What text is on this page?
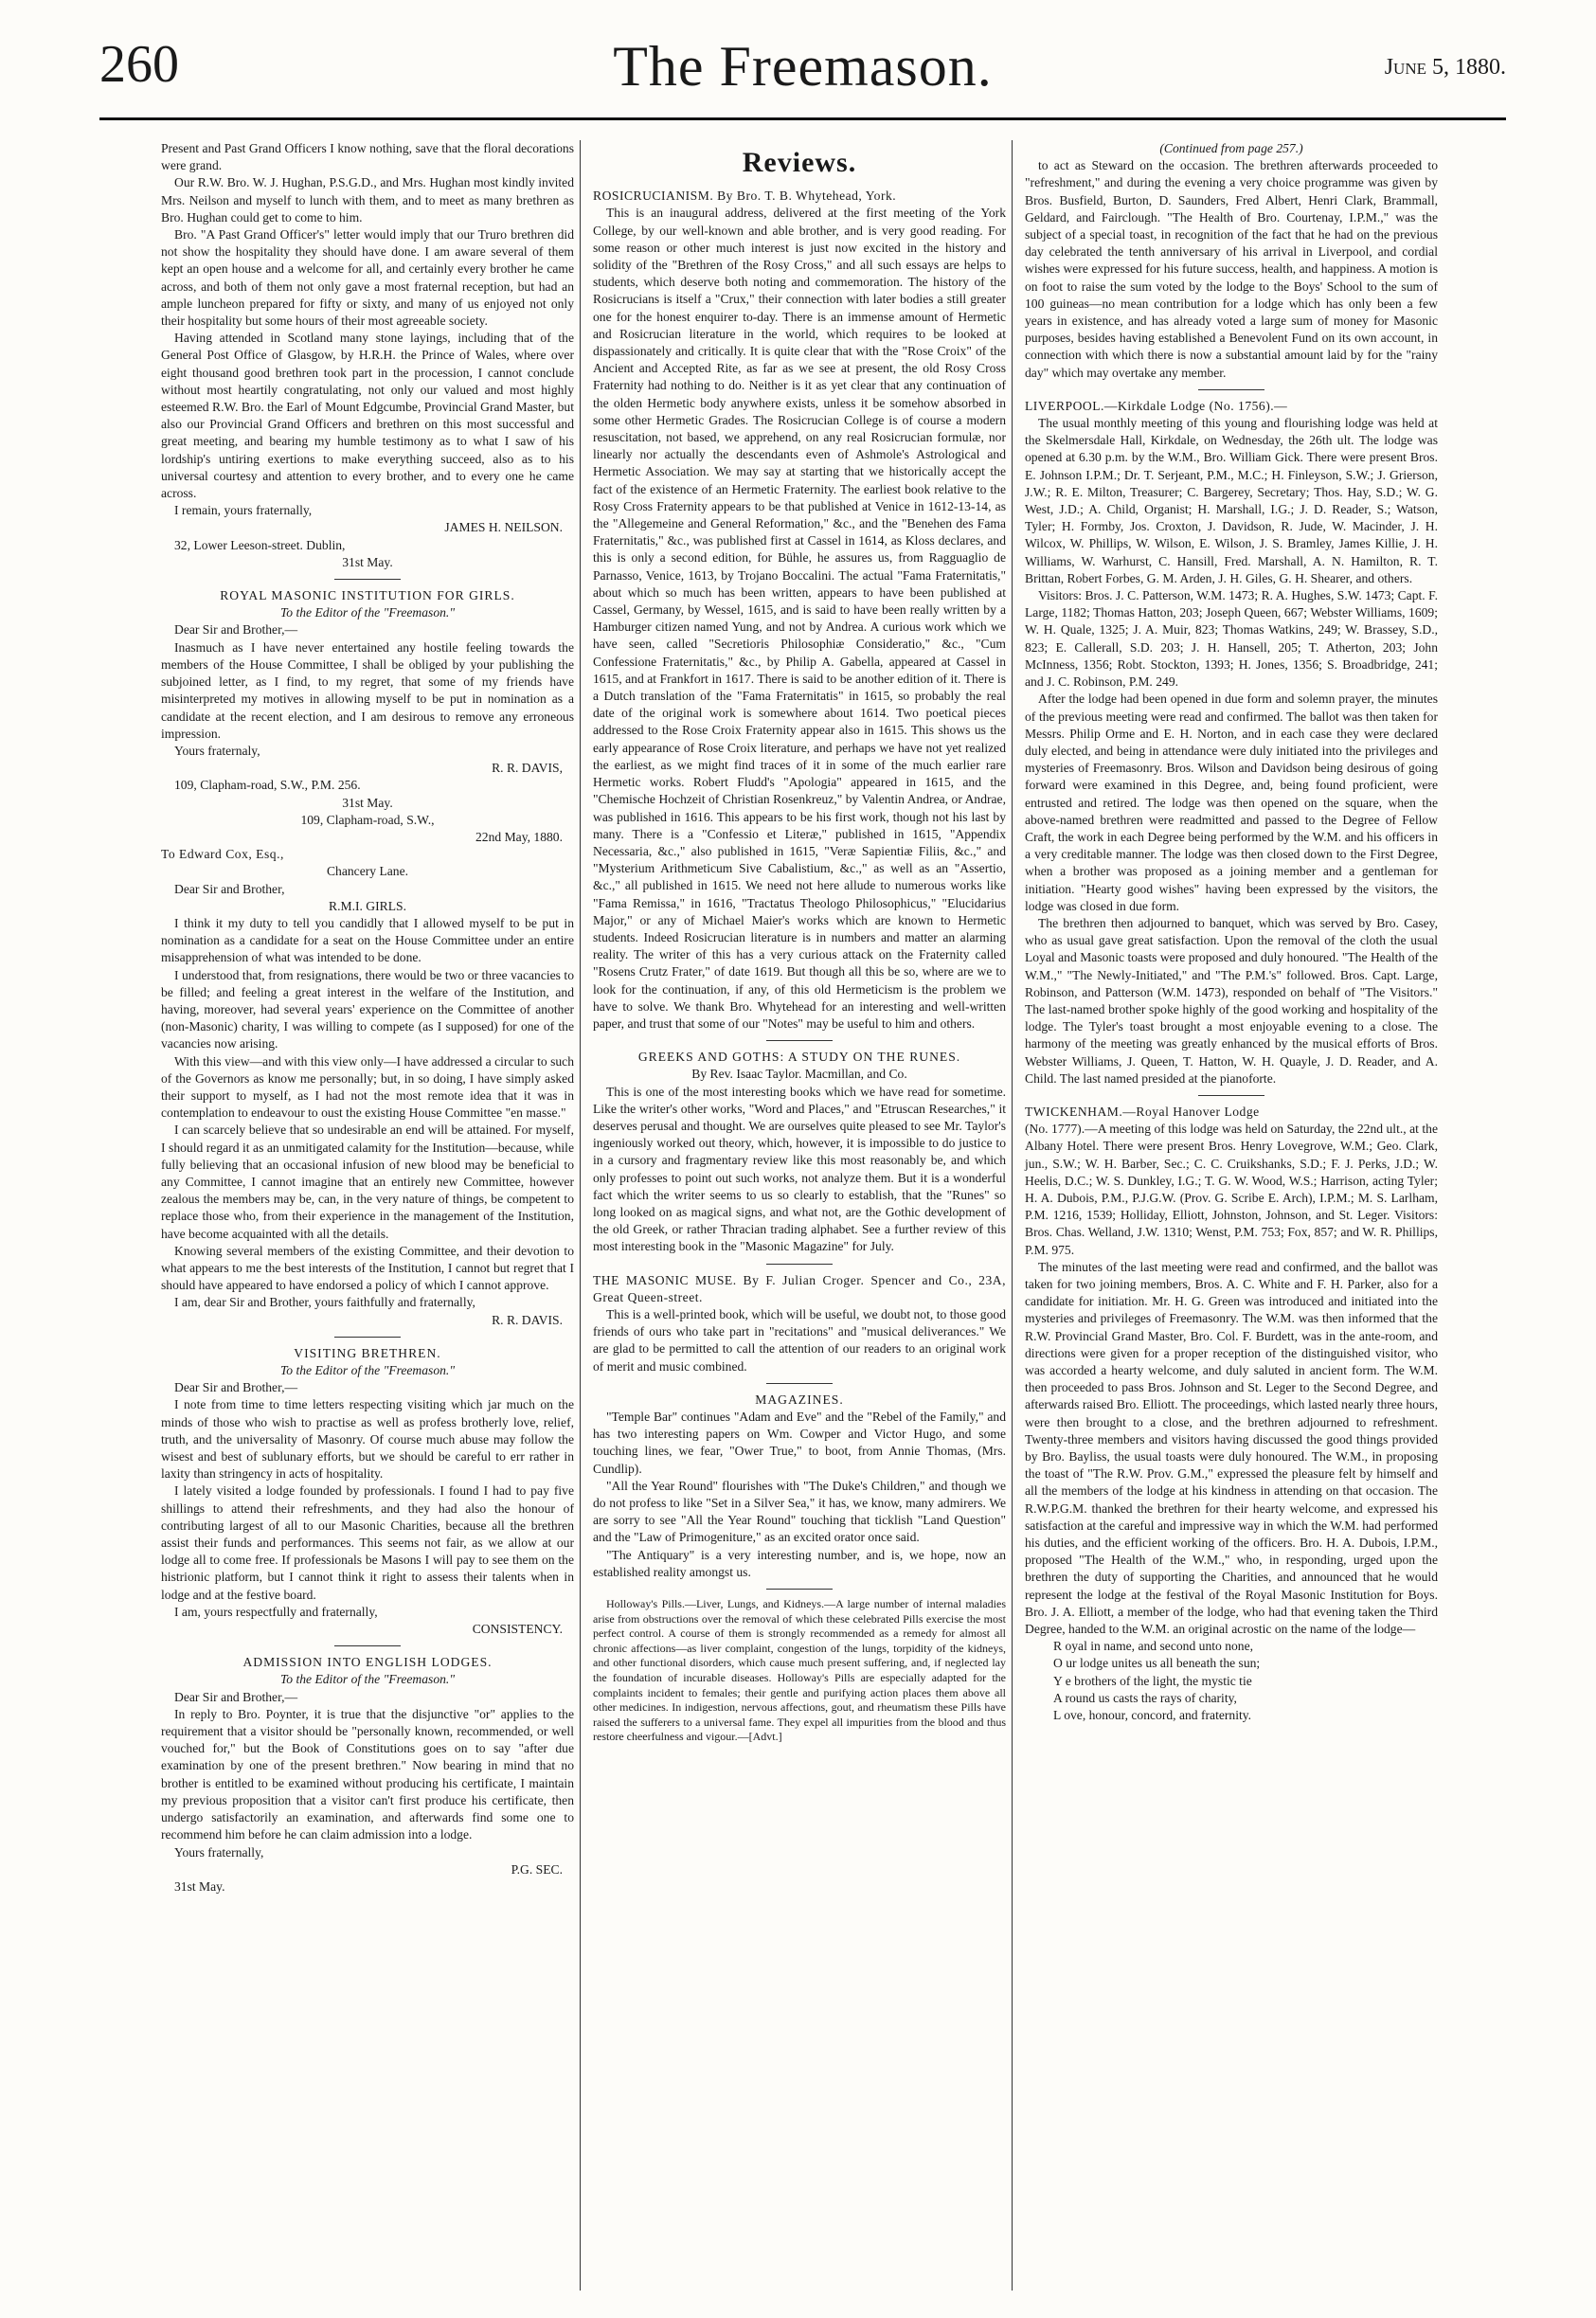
260	The Freemason.	June 5, 1880.

Present and Past Grand Officers I know nothing, save that the floral decorations were grand.

Our R.W. Bro. W. J. Hughan, P.S.G.D., and Mrs. Hughan most kindly invited Mrs. Neilson and myself to lunch with them, and to meet as many brethren as Bro. Hughan could get to come to him.

Bro. "A Past Grand Officer's" letter would imply that our Truro brethren did not show the hospitality they should have done. I am aware several of them kept an open house and a welcome for all, and certainly every brother he came across, and both of them not only gave a most fraternal reception, but had an ample luncheon prepared for fifty or sixty, and many of us enjoyed not only their hospitality but some hours of their most agreeable society.

Having attended in Scotland many stone layings, including that of the General Post Office of Glasgow, by H.R.H. the Prince of Wales, where over eight thousand good brethren took part in the procession, I cannot conclude without most heartily congratulating, not only our valued and most highly esteemed R.W. Bro. the Earl of Mount Edgcumbe, Provincial Grand Master, but also our Provincial Grand Officers and brethren on this most successful and great meeting, and bearing my humble testimony as to what I saw of his lordship's untiring exertions to make everything succeed, also as to his universal courtesy and attention to every brother, and to every one he came across.

I remain, yours fraternally,

JAMES H. NEILSON.

32, Lower Leeson-street. Dublin,

31st May.

ROYAL MASONIC INSTITUTION FOR GIRLS.

To the Editor of the "Freemason."

Dear Sir and Brother,—

Inasmuch as I have never entertained any hostile feeling towards the members of the House Committee, I shall be obliged by your publishing the subjoined letter, as I find, to my regret, that some of my friends have misinterpreted my motives in allowing myself to be put in nomination as a candidate at the recent election, and I am desirous to remove any erroneous impression.

Yours fraternaly,

R. R. DAVIS,

109, Clapham-road, S.W., P.M. 256.

31st May.

109, Clapham-road, S.W.,

22nd May, 1880.

To Edward Cox, Esq.,

Chancery Lane.

Dear Sir and Brother,

R.M.I. GIRLS.

I think it my duty to tell you candidly that I allowed myself to be put in nomination as a candidate for a seat on the House Committee under an entire misapprehension of what was intended to be done.

I understood that, from resignations, there would be two or three vacancies to be filled; and feeling a great interest in the welfare of the Institution, and having, moreover, had several years' experience on the Committee of another (non-Masonic) charity, I was willing to compete (as I supposed) for one of the vacancies now arising.

With this view—and with this view only—I have addressed a circular to such of the Governors as know me personally; but, in so doing, I have simply asked their support to myself, as I had not the most remote idea that it was in contemplation to endeavour to oust the existing House Committee "en masse."

I can scarcely believe that so undesirable an end will be attained. For myself, I should regard it as an unmitigated calamity for the Institution—because, while fully believing that an occasional infusion of new blood may be beneficial to any Committee, I cannot imagine that an entirely new Committee, however zealous the members may be, can, in the very nature of things, be competent to replace those who, from their experience in the management of the Institution, have become acquainted with all the details.

Knowing several members of the existing Committee, and their devotion to what appears to me the best interests of the Institution, I cannot but regret that I should have appeared to have endorsed a policy of which I cannot approve.

I am, dear Sir and Brother, yours faithfully and fraternally,

R. R. DAVIS.

VISITING BRETHREN.

To the Editor of the "Freemason."

Dear Sir and Brother,—

I note from time to time letters respecting visiting which jar much on the minds of those who wish to practise as well as profess brotherly love, relief, truth, and the universality of Masonry. Of course much abuse may follow the wisest and best of sublunary efforts, but we should be careful to err rather in laxity than stringency in acts of hospitality.

I lately visited a lodge founded by professionals. I found I had to pay five shillings to attend their refreshments, and they had also the honour of contributing largest of all to our Masonic Charities, because all the brethren assist their funds and performances. This seems not fair, as we allow at our lodge all to come free. If professionals be Masons I will pay to see them on the histrionic platform, but I cannot think it right to assess their talents when in lodge and at the festive board.

I am, yours respectfully and fraternally,

CONSISTENCY.

ADMISSION INTO ENGLISH LODGES.

To the Editor of the "Freemason."

Dear Sir and Brother,—

In reply to Bro. Poynter, it is true that the disjunctive "or" applies to the requirement that a visitor should be "personally known, recommended, or well vouched for," but the Book of Constitutions goes on to say "after due examination by one of the present brethren." Now bearing in mind that no brother is entitled to be examined without producing his certificate, I maintain my previous proposition that a visitor can't first produce his certificate, then undergo satisfactorily an examination, and afterwards find some one to recommend him before he can claim admission into a lodge.

Yours fraternally,

P.G. SEC.

31st May.

Reviews.

ROSICRUCIANISM. By Bro. T. B. Whytehead, York.

This is an inaugural address, delivered at the first meeting of the York College, by our well-known and able brother, and is very good reading. For some reason or other much interest is just now excited in the history and solidity of the "Brethren of the Rosy Cross," and all such essays are helps to students, which deserve both noting and commemoration. The history of the Rosicrucians is itself a "Crux," their connection with later bodies a still greater one for the honest enquirer to-day. There is an immense amount of Hermetic and Rosicrucian literature in the world, which requires to be looked at dispassionately and critically. It is quite clear that with the "Rose Croix" of the Ancient and Accepted Rite, as far as we see at present, the old Rosy Cross Fraternity had nothing to do. Neither is it as yet clear that any continuation of the olden Hermetic body anywhere exists, unless it be somehow absorbed in some other Hermetic Grades. The Rosicrucian College is of course a modern resuscitation, not based, we apprehend, on any real Rosicrucian formulæ, nor linearly nor actually the descendants even of Ashmole's Astrological and Hermetic Association. We may say at starting that we historically accept the fact of the existence of an Hermetic Fraternity. The earliest book relative to the Rosy Cross Fraternity appears to be that published at Venice in 1612-13-14, as the "Allegemeine and General Reformation," &c., and the "Benehen des Fama Fraternitatis," &c., was published first at Cassel in 1614, as Kloss declares, and this is only a second edition, for Bühle, he assures us, from Ragguaglio de Parnasso, Venice, 1613, by Trojano Boccalini. The actual "Fama Fraternitatis," about which so much has been written, appears to have been published at Cassel, Germany, by Wessel, 1615, and is said to have been really written by a Hamburger citizen named Yung, and not by Andrea. A curious work which we have seen, called "Secretioris Philosophiæ Consideratio," &c., "Cum Confessione Fraternitatis," &c., by Philip A. Gabella, appeared at Cassel in 1615, and at Frankfort in 1617. There is said to be another edition of it. There is a Dutch translation of the "Fama Fraternitatis" in 1615, so probably the real date of the original work is somewhere about 1614. Two poetical pieces addressed to the Rose Croix Fraternity appear also in 1615. This shows us the early appearance of Rose Croix literature, and perhaps we have not yet realized the earliest, as we might find traces of it in some of the much earlier rare Hermetic works. Robert Fludd's "Apologia" appeared in 1615, and the "Chemische Hochzeit of Christian Rosenkreuz," by Valentin Andrea, or Andrae, was published in 1616. This appears to be his first work, though not his last by many. There is a "Confessio et Literæ," published in 1615, "Appendix Necessaria, &c.," also published in 1615, "Veræ Sapientiæ Filiis, &c.," and "Mysterium Arithmeticum Sive Cabalistium, &c.," as well as an "Assertio, &c.," all published in 1615. We need not here allude to numerous works like "Fama Remissa," in 1616, "Tractatus Theologo Philosophicus," "Elucidarius Major," or any of Michael Maier's works which are known to Hermetic students. Indeed Rosicrucian literature is in numbers and matter an alarming reality. The writer of this has a very curious attack on the Fraternity called "Rosens Crutz Frater," of date 1619. But though all this be so, where are we to look for the continuation, if any, of this old Hermeticism is the problem we have to solve. We thank Bro. Whytehead for an interesting and well-written paper, and trust that some of our "Notes" may be useful to him and others.

GREEKS AND GOTHS: A STUDY ON THE RUNES.

By Rev. Isaac Taylor. Macmillan, and Co.

This is one of the most interesting books which we have read for sometime. Like the writer's other works, "Word and Places," and "Etruscan Researches," it deserves perusal and thought. We are ourselves quite pleased to see Mr. Taylor's ingeniously worked out theory, which, however, it is impossible to do justice to in a cursory and fragmentary review like this most reasonably be, and which only professes to point out such works, not analyze them. But it is a wonderful fact which the writer seems to us so clearly to establish, that the "Runes" so long looked on as magical signs, and what not, are the Gothic development of the old Greek, or rather Thracian trading alphabet. See a further review of this most interesting book in the "Masonic Magazine" for July.

THE MASONIC MUSE. By F. Julian Croger. Spencer and Co., 23A, Great Queen-street.

This is a well-printed book, which will be useful, we doubt not, to those good friends of ours who take part in "recitations" and "musical deliverances." We are glad to be permitted to call the attention of our readers to an original work of merit and music combined.

MAGAZINES.

"Temple Bar" continues "Adam and Eve" and the "Rebel of the Family," and has two interesting papers on Wm. Cowper and Victor Hugo, and some touching lines, we fear, "Ower True," to boot, from Annie Thomas, (Mrs. Cundlip).

"All the Year Round" flourishes with "The Duke's Children," and though we do not profess to like "Set in a Silver Sea," it has, we know, many admirers. We are sorry to see "All the Year Round" touching that ticklish "Land Question" and the "Law of Primogeniture," as an excited orator once said.

"The Antiquary" is a very interesting number, and is, we hope, now an established reality amongst us.

Holloway's Pills.—Liver, Lungs, and Kidneys.—A large number of internal maladies arise from obstructions over the removal of which these celebrated Pills exercise the most perfect control. A course of them is strongly recommended as a remedy for almost all chronic affections—as liver complaint, congestion of the lungs, torpidity of the kidneys, and other functional disorders, which cause much present suffering, and, if neglected lay the foundation of incurable diseases. Holloway's Pills are especially adapted for the complaints incident to females; their gentle and purifying action places them above all other medicines. In indigestion, nervous affections, gout, and rheumatism these Pills have raised the sufferers to a universal fame. They expel all impurities from the blood and thus restore cheerfulness and vigour.—[Advt.]

(Continued from page 257.)

to act as Steward on the occasion. The brethren afterwards proceeded to "refreshment," and during the evening a very choice programme was given by Bros. Busfield, Burton, D. Saunders, Fred Albert, Henri Clark, Brammall, Geldard, and Fairclough. "The Health of Bro. Courtenay, I.P.M.," was the subject of a special toast, in recognition of the fact that he had on the previous day celebrated the tenth anniversary of his arrival in Liverpool, and cordial wishes were expressed for his future success, health, and happiness. A motion is on foot to raise the sum voted by the lodge to the Boys' School to the sum of 100 guineas—no mean contribution for a lodge which has only been a few years in existence, and has already voted a large sum of money for Masonic purposes, besides having established a Benevolent Fund on its own account, in connection with which there is now a substantial amount laid by for the "rainy day" which may overtake any member.

LIVERPOOL.—Kirkdale Lodge (No. 1756).—

The usual monthly meeting of this young and flourishing lodge was held at the Skelmersdale Hall, Kirkdale, on Wednesday, the 26th ult. The lodge was opened at 6.30 p.m. by the W.M., Bro. William Gick. There were present Bros. E. Johnson I.P.M.; Dr. T. Serjeant, P.M., M.C.; H. Finleyson, S.W.; J. Grierson, J.W.; R. E. Milton, Treasurer; C. Bargerey, Secretary; Thos. Hay, S.D.; W. G. West, J.D.; A. Child, Organist; H. Marshall, I.G.; J. D. Reader, S.; Watson, Tyler; H. Formby, Jos. Croxton, J. Davidson, R. Jude, W. Macinder, J. H. Wilcox, W. Phillips, W. Wilson, E. Wilson, J. S. Bramley, James Killie, J. H. Williams, W. Warhurst, C. Hansill, Fred. Marshall, A. N. Hamilton, R. T. Brittan, Robert Forbes, G. M. Arden, J. H. Giles, G. H. Shearer, and others.

Visitors: Bros. J. C. Patterson, W.M. 1473; R. A. Hughes, S.W. 1473; Capt. F. Large, 1182; Thomas Hatton, 203; Joseph Queen, 667; Webster Williams, 1609; W. H. Quale, 1325; J. A. Muir, 823; Thomas Watkins, 249; W. Brassey, S.D., 823; E. Callerall, S.D. 203; J. H. Hansell, 205; T. Atherton, 203; John McInness, 1356; Robt. Stockton, 1393; H. Jones, 1356; S. Broadbridge, 241; and J. C. Robinson, P.M. 249.

After the lodge had been opened in due form and solemn prayer, the minutes of the previous meeting were read and confirmed. The ballot was then taken for Messrs. Philip Orme and E. H. Norton, and in each case they were declared duly elected, and being in attendance were duly initiated into the privileges and mysteries of Freemasonry. Bros. Wilson and Davidson being desirous of going forward were examined in this Degree, and, being found proficient, were entrusted and retired. The lodge was then opened on the square, when the above-named brethren were readmitted and passed to the Degree of Fellow Craft, the work in each Degree being performed by the W.M. and his officers in a very creditable manner. The lodge was then closed down to the First Degree, when a brother was proposed as a joining member and a gentleman for initiation. "Hearty good wishes" having been expressed by the visitors, the lodge was closed in due form.

The brethren then adjourned to banquet, which was served by Bro. Casey, who as usual gave great satisfaction. Upon the removal of the cloth the usual Loyal and Masonic toasts were proposed and duly honoured. "The Health of the W.M.," "The Newly-Initiated," and "The P.M.'s" followed. Bros. Capt. Large, Robinson, and Patterson (W.M. 1473), responded on behalf of "The Visitors." The last-named brother spoke highly of the good working and hospitality of the lodge. The Tyler's toast brought a most enjoyable evening to a close. The harmony of the meeting was greatly enhanced by the musical efforts of Bros. Webster Williams, J. Queen, T. Hatton, W. H. Quayle, J. D. Reader, and A. Child. The last named presided at the pianoforte.

TWICKENHAM.—Royal Hanover Lodge

(No. 1777).—A meeting of this lodge was held on Saturday, the 22nd ult., at the Albany Hotel. There were present Bros. Henry Lovegrove, W.M.; Geo. Clark, jun., S.W.; W. H. Barber, Sec.; C. C. Cruikshanks, S.D.; F. J. Perks, J.D.; W. Heelis, D.C.; W. S. Dunkley, I.G.; T. G. W. Wood, W.S.; Harrison, acting Tyler; H. A. Dubois, P.M., P.J.G.W. (Prov. G. Scribe E. Arch), I.P.M.; M. S. Larlham, P.M. 1216, 1539; Holliday, Elliott, Johnston, Johnson, and St. Leger. Visitors: Bros. Chas. Welland, J.W. 1310; Wenst, P.M. 753; Fox, 857; and W. R. Phillips, P.M. 975.

The minutes of the last meeting were read and confirmed, and the ballot was taken for two joining members, Bros. A. C. White and F. H. Parker, also for a candidate for initiation. Mr. H. G. Green was introduced and initiated into the mysteries and privileges of Freemasonry. The W.M. was then informed that the R.W. Provincial Grand Master, Bro. Col. F. Burdett, was in the ante-room, and directions were given for a proper reception of the distinguished visitor, who was accorded a hearty welcome, and duly saluted in ancient form. The W.M. then proceeded to pass Bros. Johnson and St. Leger to the Second Degree, and afterwards raised Bro. Elliott. The proceedings, which lasted nearly three hours, were then brought to a close, and the brethren adjourned to refreshment. Twenty-three members and visitors having discussed the good things provided by Bro. Bayliss, the usual toasts were duly honoured. The W.M., in proposing the toast of "The R.W. Prov. G.M.," expressed the pleasure felt by himself and all the members of the lodge at his kindness in attending on that occasion. The R.W.P.G.M. thanked the brethren for their hearty welcome, and expressed his satisfaction at the careful and impressive way in which the W.M. had performed his duties, and the efficient working of the officers. Bro. H. A. Dubois, I.P.M., proposed "The Health of the W.M.," who, in responding, urged upon the brethren the duty of supporting the Charities, and announced that he would represent the lodge at the festival of the Royal Masonic Institution for Boys. Bro. J. A. Elliott, a member of the lodge, who had that evening taken the Third Degree, handed to the W.M. an original acrostic on the name of the lodge—

R oyal in name, and second unto none,

O ur lodge unites us all beneath the sun;

Y e brothers of the light, the mystic tie

A round us casts the rays of charity,

L ove, honour, concord, and fraternity.
